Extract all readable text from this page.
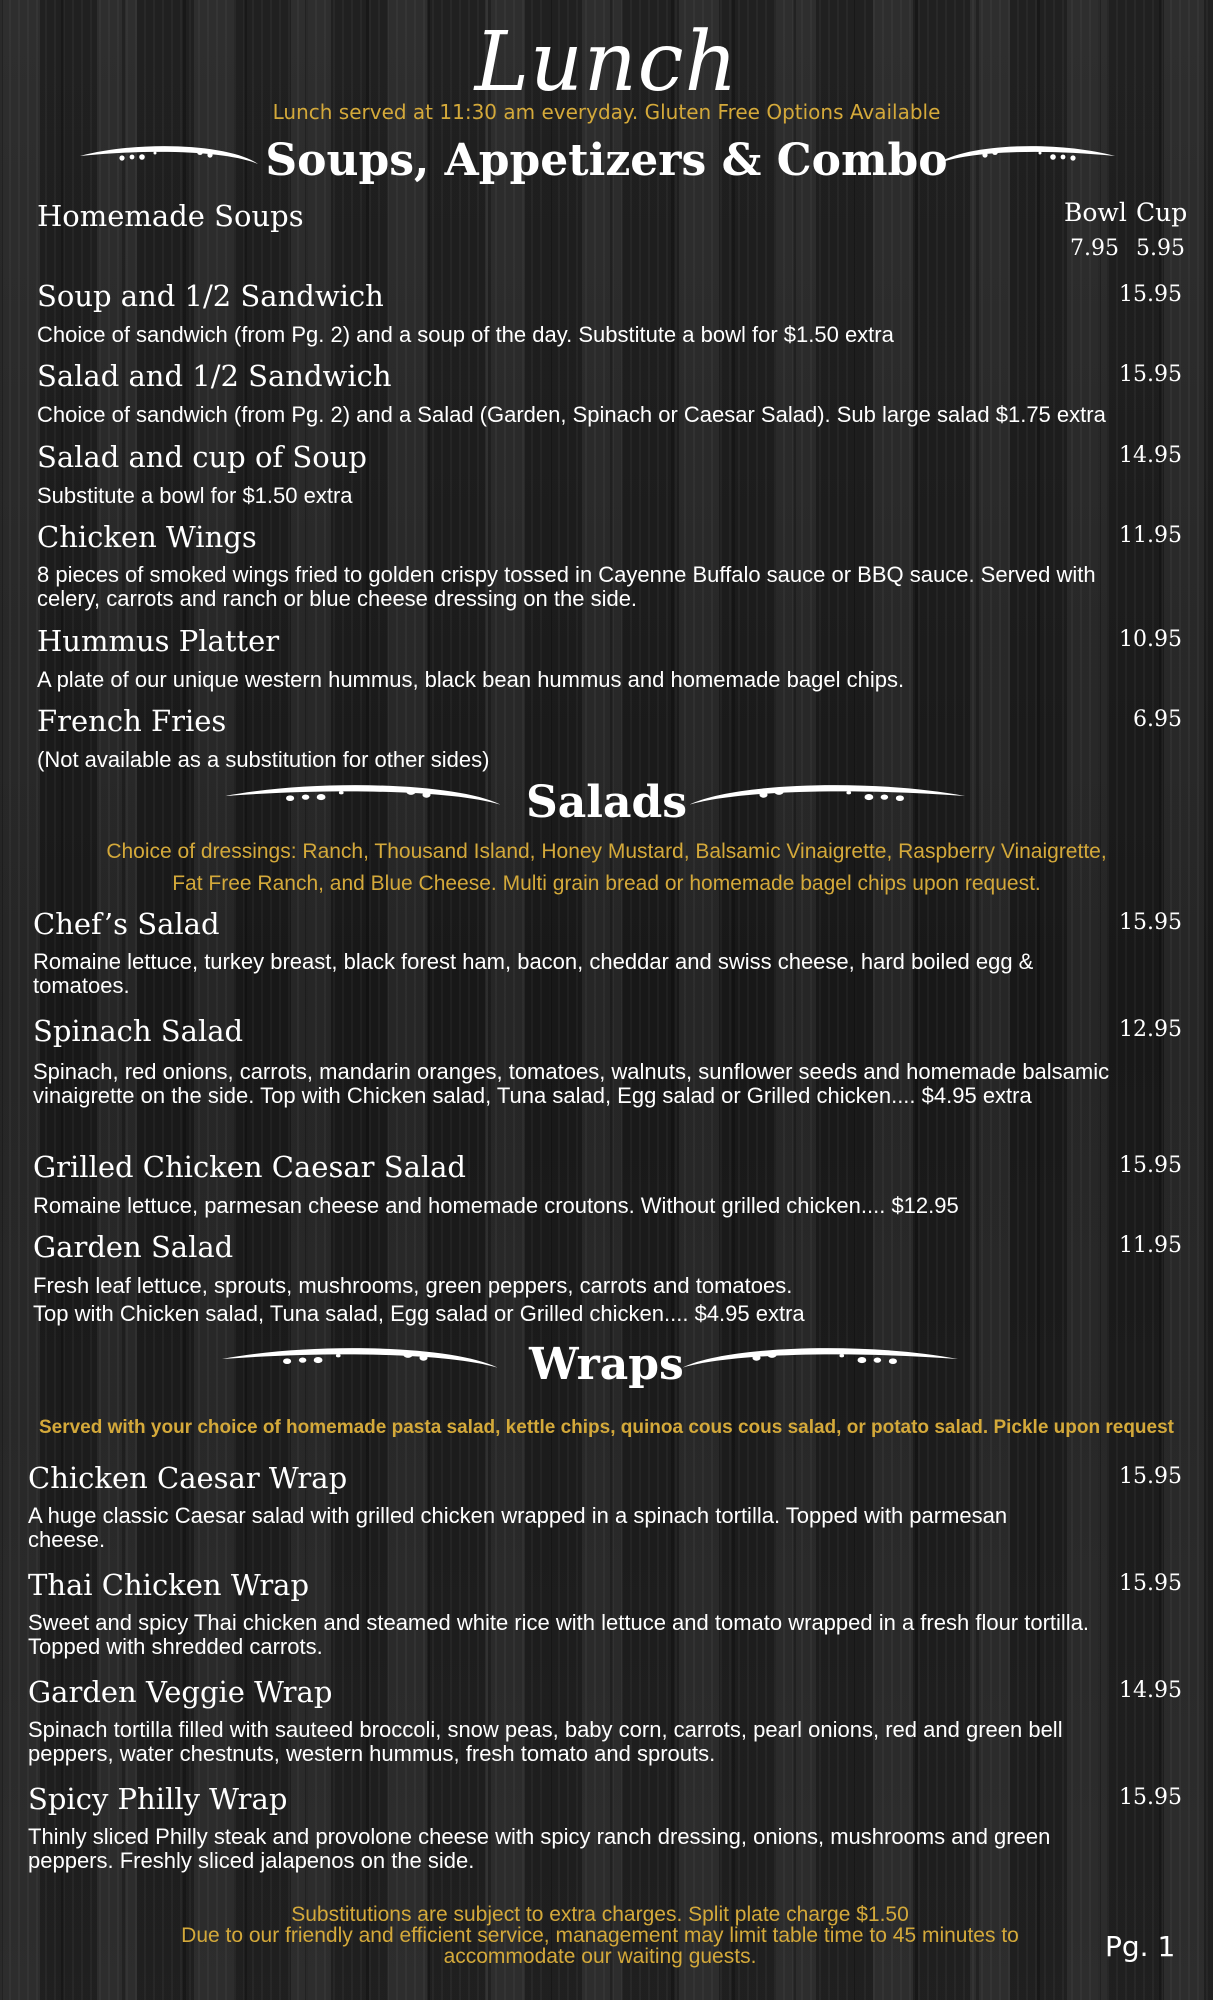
Lunch
Lunch served at 11:30 am everyday. Gluten Free Options Available
Soups, Appetizers & Combo
Homemade Soups	Bowl Cup
7.95 5.95
Soup and 1/2 Sandwich	15.95
Choice of sandwich (from Pg. 2) and a soup of the day. Substitute a bowl for $1.50 extra
Salad and 1/2 Sandwich	15.95
Choice of sandwich (from Pg. 2) and a Salad (Garden, Spinach or Caesar Salad). Sub large salad $1.75 extra
Salad and cup of Soup	14.95
Substitute a bowl for $1.50 extra
Chicken Wings	11.95
8 pieces of smoked wings fried to golden crispy tossed in Cayenne Buffalo sauce or BBQ sauce. Served with celery, carrots and ranch or blue cheese dressing on the side.
Hummus Platter	10.95
A plate of our unique western hummus, black bean hummus and homemade bagel chips.
French Fries	6.95
(Not available as a substitution for other sides)
Salads
Choice of dressings: Ranch, Thousand Island, Honey Mustard, Balsamic Vinaigrette, Raspberry Vinaigrette,
Fat Free Ranch, and Blue Cheese. Multi grain bread or homemade bagel chips upon request.
Chef’s Salad	15.95
Romaine lettuce, turkey breast, black forest ham, bacon, cheddar and swiss cheese, hard boiled egg & tomatoes.
Spinach Salad	12.95
Spinach, red onions, carrots, mandarin oranges, tomatoes, walnuts, sunflower seeds and homemade balsamic vinaigrette on the side. Top with Chicken salad, Tuna salad, Egg salad or Grilled chicken.... $4.95 extra
Grilled Chicken Caesar Salad	15.95
Romaine lettuce, parmesan cheese and homemade croutons. Without grilled chicken.... $12.95
Garden Salad	11.95
Fresh leaf lettuce, sprouts, mushrooms, green peppers, carrots and tomatoes.
Top with Chicken salad, Tuna salad, Egg salad or Grilled chicken.... $4.95 extra
Wraps
Served with your choice of homemade pasta salad, kettle chips, quinoa cous cous salad, or potato salad. Pickle upon request
Chicken Caesar Wrap	15.95
A huge classic Caesar salad with grilled chicken wrapped in a spinach tortilla. Topped with parmesan cheese.
Thai Chicken Wrap	15.95
Sweet and spicy Thai chicken and steamed white rice with lettuce and tomato wrapped in a fresh flour tortilla. Topped with shredded carrots.
Garden Veggie Wrap	14.95
Spinach tortilla filled with sauteed broccoli, snow peas, baby corn, carrots, pearl onions, red and green bell peppers, water chestnuts, western hummus, fresh tomato and sprouts.
Spicy Philly Wrap	15.95
Thinly sliced Philly steak and provolone cheese with spicy ranch dressing, onions, mushrooms and green peppers. Freshly sliced jalapenos on the side.
Substitutions are subject to extra charges. Split plate charge $1.50
Due to our friendly and efficient service, management may limit table time to 45 minutes to
accommodate our waiting guests.	Pg. 1
